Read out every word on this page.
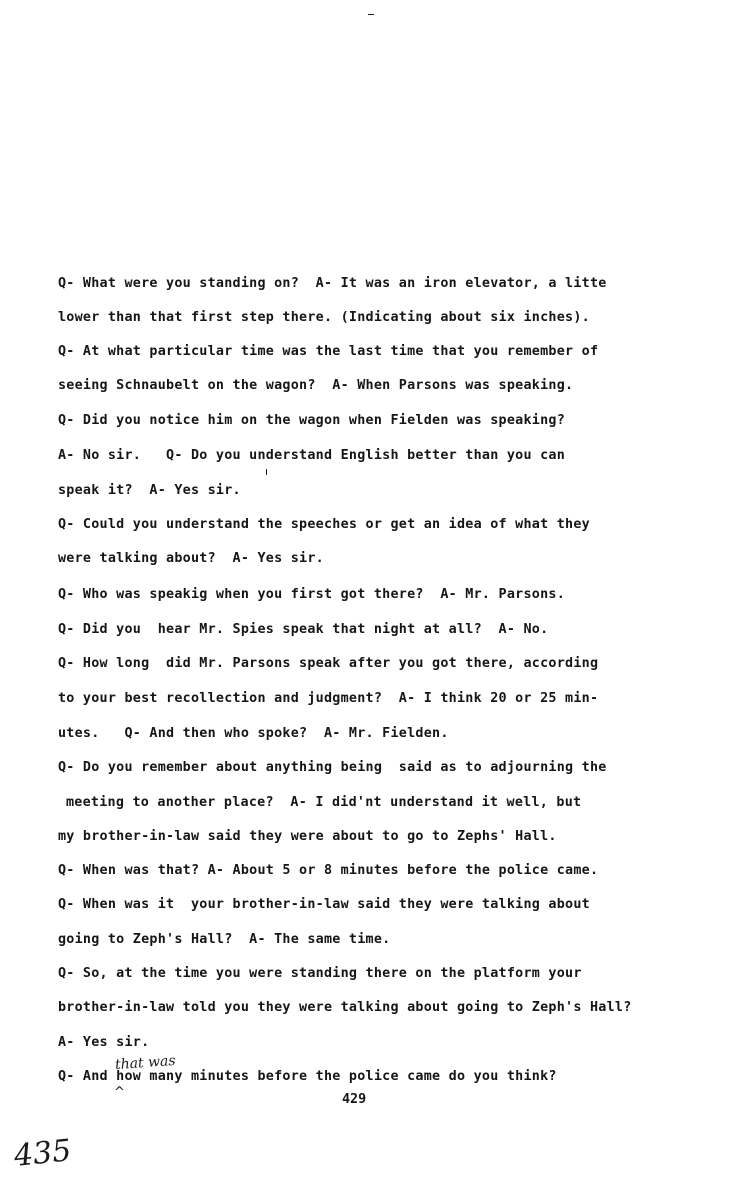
Q- What were you standing on?  A- It was an iron elevator, a litte
lower than that first step there. (Indicating about six inches).
Q- At what particular time was the last time that you remember of
seeing Schnaubelt on the wagon?  A- When Parsons was speaking.
Q- Did you notice him on the wagon when Fielden was speaking?
A- No sir.   Q- Do you understand English better than you can
speak it?  A- Yes sir.
Q- Could you understand the speeches or get an idea of what they
were talking about?  A- Yes sir.
Q- Who was speakig when you first got there?  A- Mr. Parsons.
Q- Did you  hear Mr. Spies speak that night at all?  A- No.
Q- How long  did Mr. Parsons speak after you got there, according
to your best recollection and judgment?  A- I think 20 or 25 min-
utes.   Q- And then who spoke?  A- Mr. Fielden.
Q- Do you remember about anything being  said as to adjourning the
meeting to another place?  A- I did'nt understand it well, but
my brother-in-law said they were about to go to Zephs' Hall.
Q- When was that? A- About 5 or 8 minutes before the police came.
Q- When was it  your brother-in-law said they were talking about
going to Zeph's Hall?  A- The same time.
Q- So, at the time you were standing there on the platform your
brother-in-law told you they were talking about going to Zeph's Hall?
A- Yes sir.
Q- And how many minutes before the police came do you think?
that was
^	429
435
